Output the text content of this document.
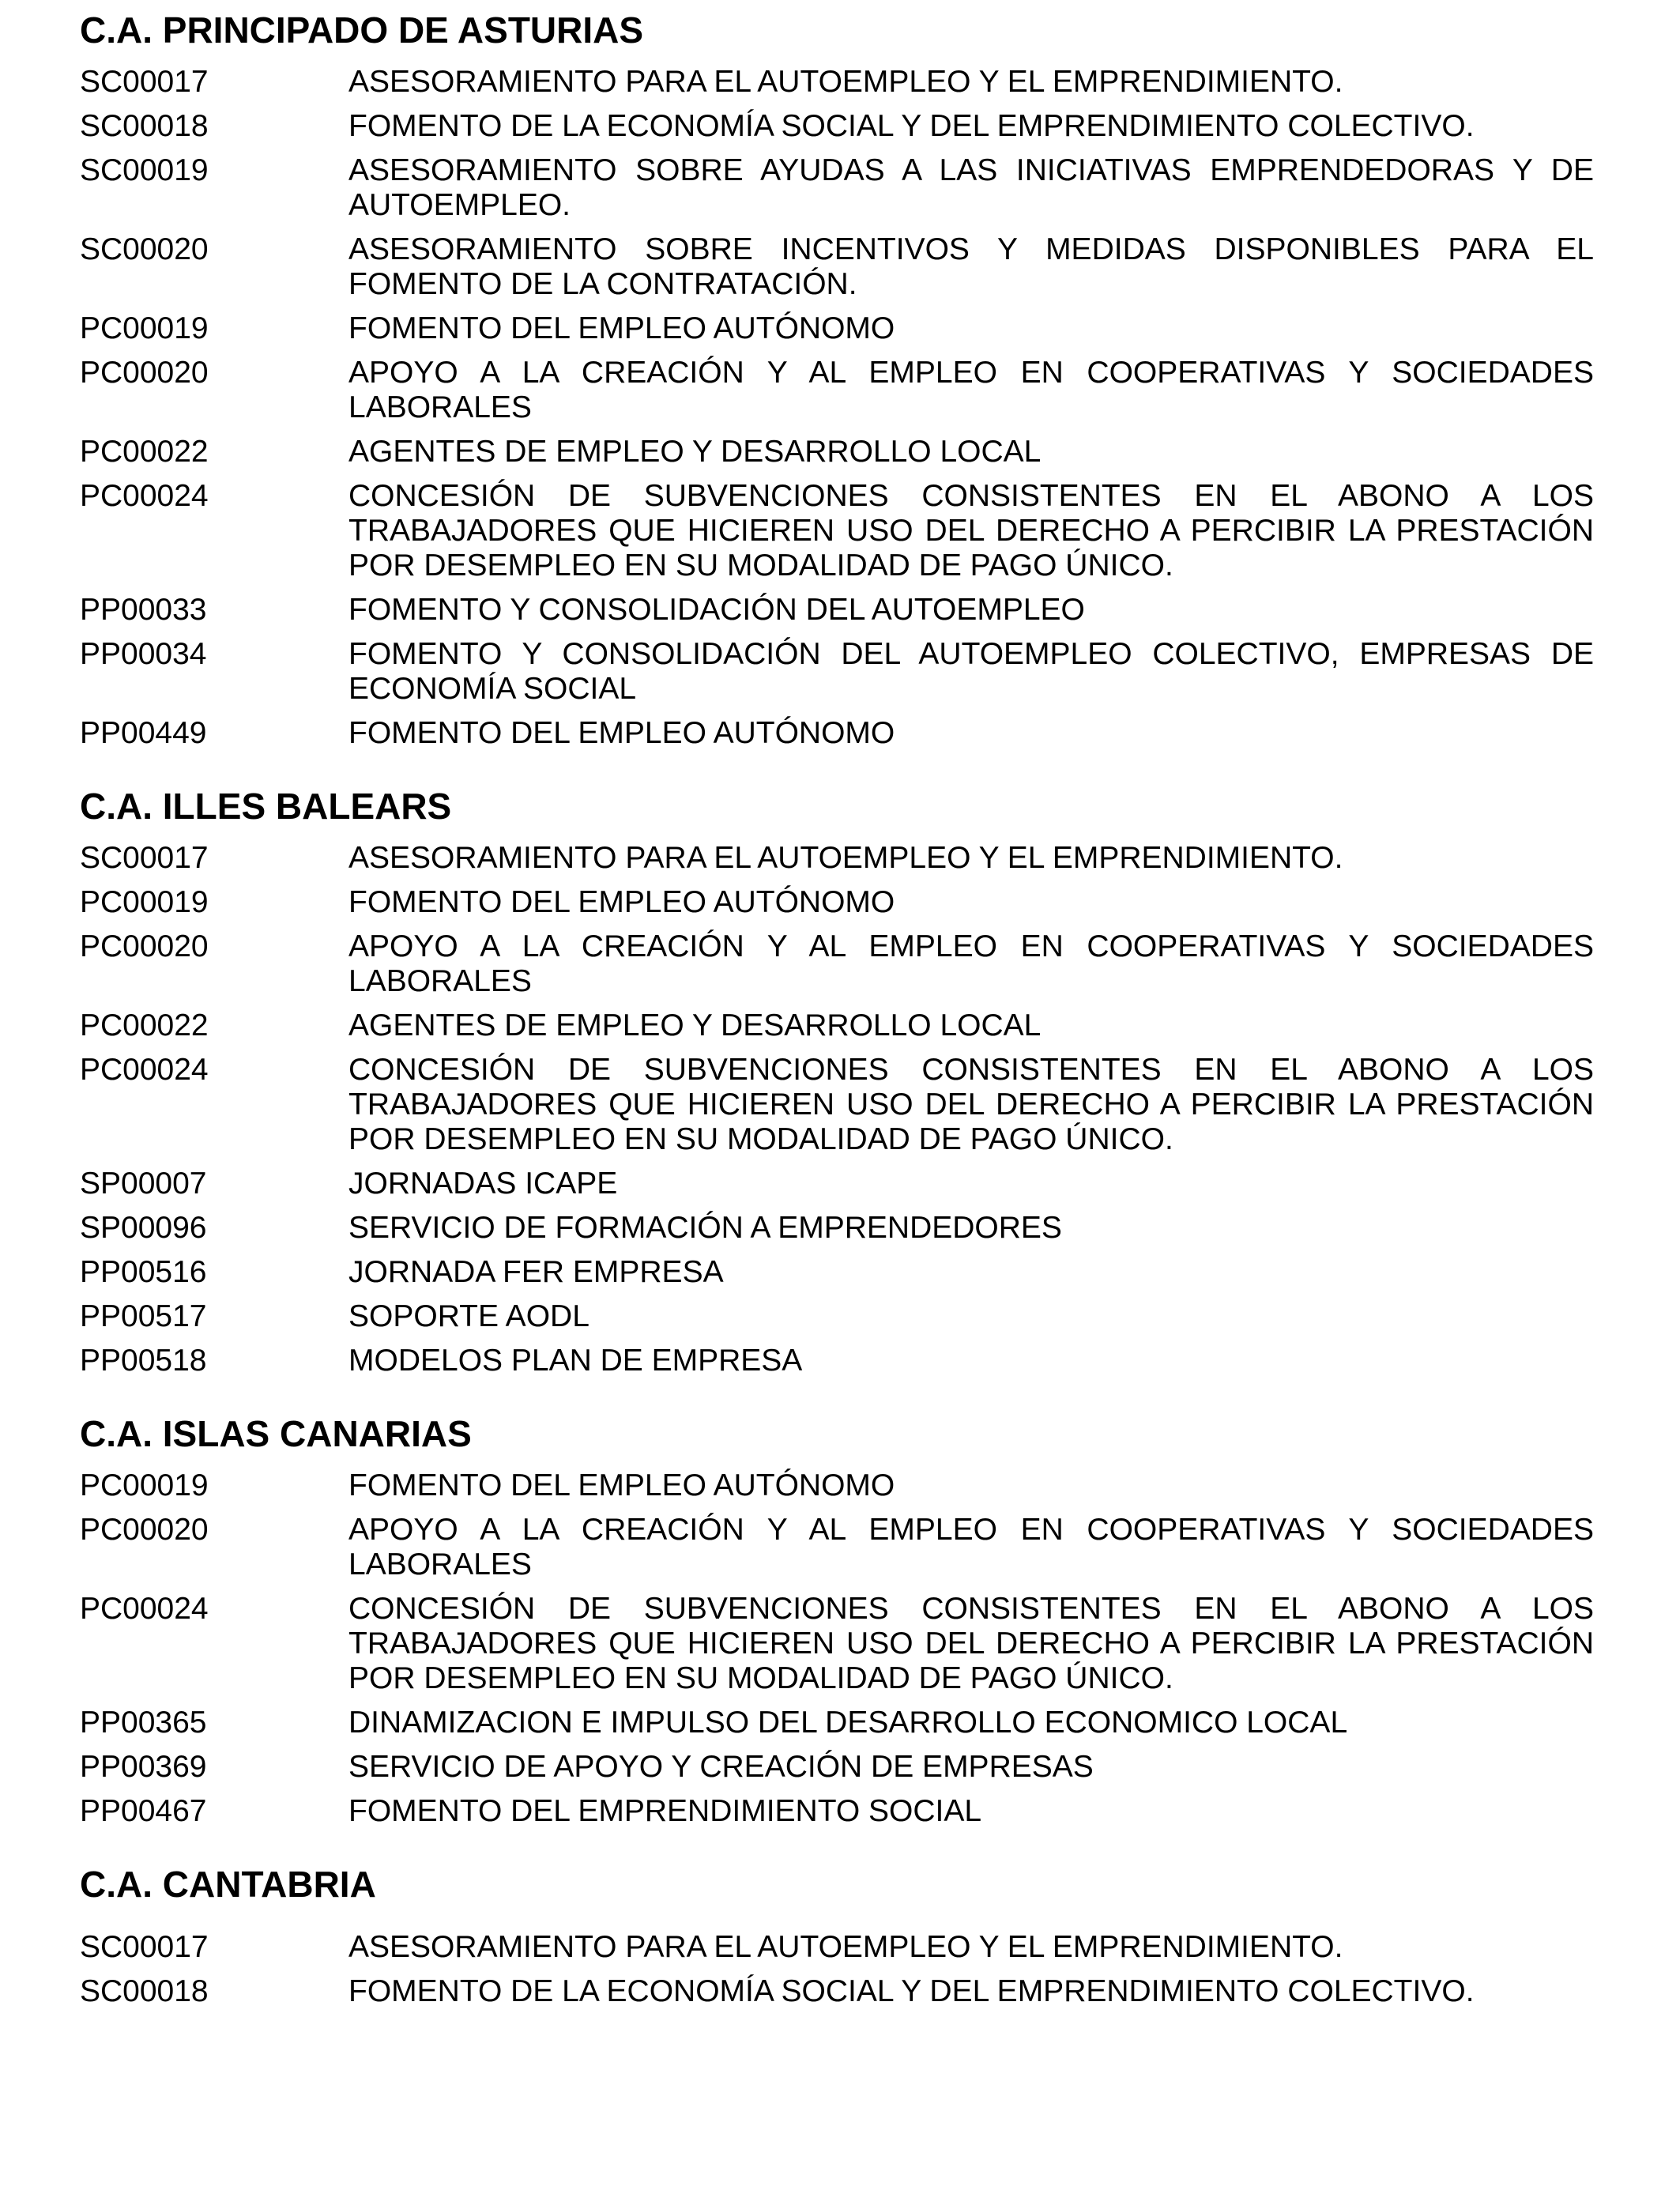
C.A. PRINCIPADO DE ASTURIAS
SC00017	ASESORAMIENTO PARA EL AUTOEMPLEO Y EL EMPRENDIMIENTO.
SC00018	FOMENTO DE LA ECONOMÍA SOCIAL Y DEL EMPRENDIMIENTO COLECTIVO.
SC00019	ASESORAMIENTO SOBRE AYUDAS A LAS INICIATIVAS EMPRENDEDORAS Y DE AUTOEMPLEO.
SC00020	ASESORAMIENTO SOBRE INCENTIVOS Y MEDIDAS DISPONIBLES PARA EL FOMENTO DE LA CONTRATACIÓN.
PC00019	FOMENTO DEL EMPLEO AUTÓNOMO
PC00020	APOYO A LA CREACIÓN Y AL EMPLEO EN COOPERATIVAS Y SOCIEDADES LABORALES
PC00022	AGENTES DE EMPLEO Y DESARROLLO LOCAL
PC00024	CONCESIÓN DE SUBVENCIONES CONSISTENTES EN EL ABONO A LOS TRABAJADORES QUE HICIEREN USO DEL DERECHO A PERCIBIR LA PRESTACIÓN POR DESEMPLEO EN SU MODALIDAD DE PAGO ÚNICO.
PP00033	FOMENTO Y CONSOLIDACIÓN DEL AUTOEMPLEO
PP00034	FOMENTO Y CONSOLIDACIÓN DEL AUTOEMPLEO COLECTIVO, EMPRESAS DE ECONOMÍA SOCIAL
PP00449	FOMENTO DEL EMPLEO AUTÓNOMO
C.A. ILLES BALEARS
SC00017	ASESORAMIENTO PARA EL AUTOEMPLEO Y EL EMPRENDIMIENTO.
PC00019	FOMENTO DEL EMPLEO AUTÓNOMO
PC00020	APOYO A LA CREACIÓN Y AL EMPLEO EN COOPERATIVAS Y SOCIEDADES LABORALES
PC00022	AGENTES DE EMPLEO Y DESARROLLO LOCAL
PC00024	CONCESIÓN DE SUBVENCIONES CONSISTENTES EN EL ABONO A LOS TRABAJADORES QUE HICIEREN USO DEL DERECHO A PERCIBIR LA PRESTACIÓN POR DESEMPLEO EN SU MODALIDAD DE PAGO ÚNICO.
SP00007	JORNADAS ICAPE
SP00096	SERVICIO DE FORMACIÓN A EMPRENDEDORES
PP00516	JORNADA FER EMPRESA
PP00517	SOPORTE AODL
PP00518	MODELOS PLAN DE EMPRESA
C.A. ISLAS CANARIAS
PC00019	FOMENTO DEL EMPLEO AUTÓNOMO
PC00020	APOYO A LA CREACIÓN Y AL EMPLEO EN COOPERATIVAS Y SOCIEDADES LABORALES
PC00024	CONCESIÓN DE SUBVENCIONES CONSISTENTES EN EL ABONO A LOS TRABAJADORES QUE HICIEREN USO DEL DERECHO A PERCIBIR LA PRESTACIÓN POR DESEMPLEO EN SU MODALIDAD DE PAGO ÚNICO.
PP00365	DINAMIZACION E IMPULSO DEL DESARROLLO ECONOMICO LOCAL
PP00369	SERVICIO DE APOYO Y CREACIÓN DE EMPRESAS
PP00467	FOMENTO DEL EMPRENDIMIENTO SOCIAL
C.A. CANTABRIA
SC00017	ASESORAMIENTO PARA EL AUTOEMPLEO Y EL EMPRENDIMIENTO.
SC00018	FOMENTO DE LA ECONOMÍA SOCIAL Y DEL EMPRENDIMIENTO COLECTIVO.
